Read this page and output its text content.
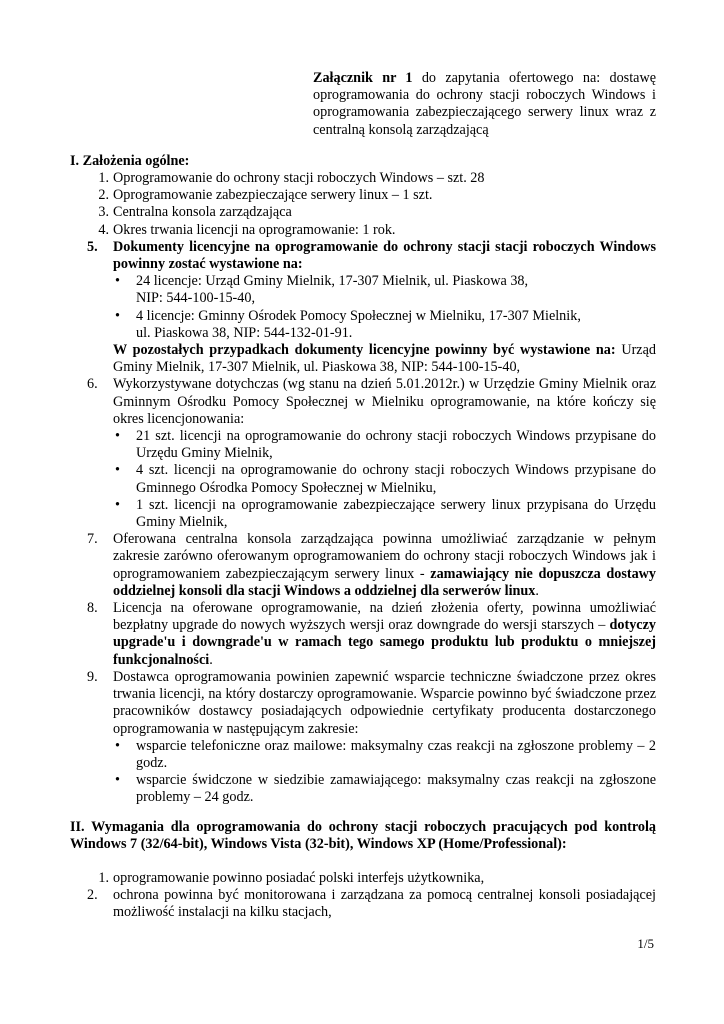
Załącznik nr 1 do zapytania ofertowego na: dostawę oprogramowania do ochrony stacji roboczych Windows i oprogramowania zabezpieczającego serwery linux wraz z centralną konsolą zarządzającą

I. Założenia ogólne:

1. Oprogramowanie do ochrony stacji roboczych Windows – szt. 28
2. Oprogramowanie zabezpieczające serwery linux – 1 szt.
3. Centralna konsola zarządzająca
4. Okres trwania licencji na oprogramowanie: 1 rok.
5.	Dokumenty licencyjne na oprogramowanie do ochrony stacji stacji roboczych Windows powinny zostać wystawione na:
• 24 licencje: Urząd Gminy Mielnik, 17-307 Mielnik, ul. Piaskowa 38,
NIP: 544-100-15-40,
• 4 licencje: Gminny Ośrodek Pomocy Społecznej w Mielniku, 17-307 Mielnik,
ul. Piaskowa 38, NIP: 544-132-01-91.
W pozostałych przypadkach dokumenty licencyjne powinny być wystawione na: Urząd Gminy Mielnik, 17-307 Mielnik, ul. Piaskowa 38, NIP: 544-100-15-40,
6.	Wykorzystywane dotychczas (wg stanu na dzień 5.01.2012r.) w Urzędzie Gminy Mielnik oraz Gminnym Ośrodku Pomocy Społecznej w Mielniku oprogramowanie, na które kończy się okres licencjonowania:
• 21 szt. licencji na oprogramowanie do ochrony stacji roboczych Windows przypisane do Urzędu Gminy Mielnik,
• 4 szt. licencji na oprogramowanie do ochrony stacji roboczych Windows przypisane do Gminnego Ośrodka Pomocy Społecznej w Mielniku,
• 1 szt. licencji na oprogramowanie zabezpieczające serwery linux przypisana do Urzędu Gminy Mielnik,
7.	Oferowana centralna konsola zarządzająca powinna umożliwiać zarządzanie w pełnym zakresie zarówno oferowanym oprogramowaniem do ochrony stacji roboczych Windows jak i oprogramowaniem zabezpieczającym serwery linux - zamawiający nie dopuszcza dostawy oddzielnej konsoli dla stacji Windows a oddzielnej dla serwerów linux.
8.	Licencja na oferowane oprogramowanie, na dzień złożenia oferty, powinna umożliwiać bezpłatny upgrade do nowych wyższych wersji oraz downgrade do wersji starszych – dotyczy upgrade'u i downgrade'u w ramach tego samego produktu lub produktu o mniejszej funkcjonalności.
9.	Dostawca oprogramowania powinien zapewnić wsparcie techniczne świadczone przez okres trwania licencji, na który dostarczy oprogramowanie. Wsparcie powinno być świadczone przez pracowników dostawcy posiadających odpowiednie certyfikaty producenta dostarczonego oprogramowania w następującym zakresie:
• wsparcie telefoniczne oraz mailowe: maksymalny czas reakcji na zgłoszone problemy – 2 godz.
• wsparcie świdczone w siedzibie zamawiającego: maksymalny czas reakcji na zgłoszone problemy – 24 godz.

II. Wymagania dla oprogramowania do ochrony stacji roboczych pracujących pod kontrolą Windows 7 (32/64-bit), Windows Vista (32-bit), Windows XP (Home/Professional):

1. oprogramowanie powinno posiadać polski interfejs użytkownika,
2.	ochrona powinna być monitorowana i zarządzana za pomocą centralnej konsoli posiadającej możliwość instalacji na kilku stacjach,

1/5
